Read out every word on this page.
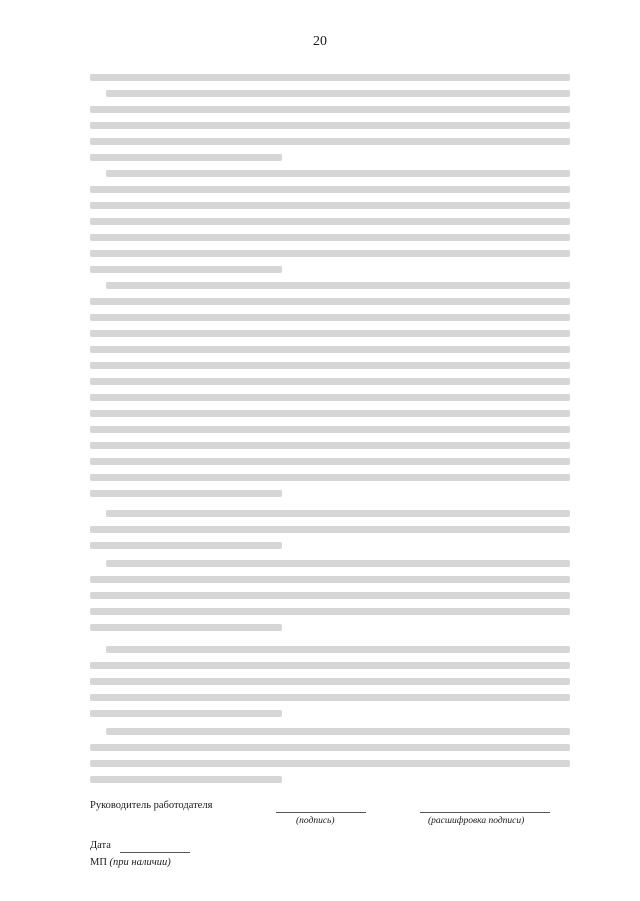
20
Руководитель работодателя
(подпись)	(расшифровка подписи)
Дата
МП (при наличии)
